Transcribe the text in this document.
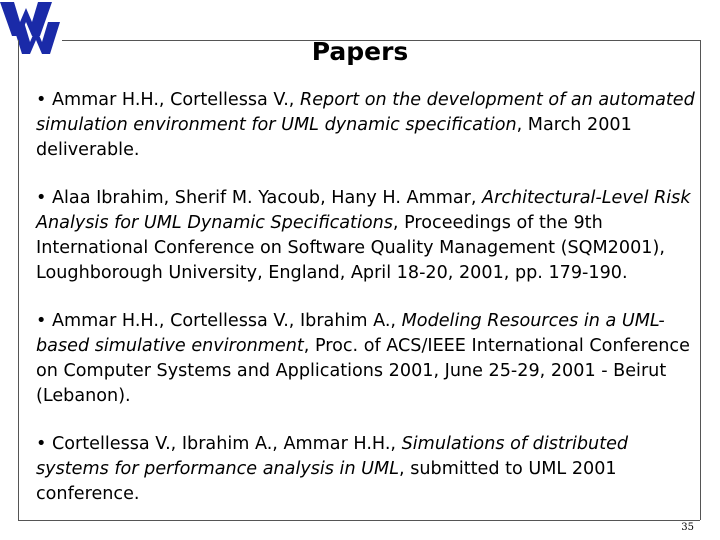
Papers

• Ammar H.H., Cortellessa V., Report on the development of an automated simulation environment for UML dynamic specification, March 2001 deliverable.

• Alaa Ibrahim, Sherif M. Yacoub, Hany H. Ammar, Architectural-Level Risk Analysis for UML Dynamic Specifications, Proceedings of the 9th International Conference on Software Quality Management (SQM2001), Loughborough University, England, April 18-20, 2001, pp. 179-190.

• Ammar H.H., Cortellessa V., Ibrahim A., Modeling Resources in a UML-based simulative environment, Proc. of ACS/IEEE International Conference on Computer Systems and Applications 2001, June 25-29, 2001 - Beirut (Lebanon).

• Cortellessa V., Ibrahim A., Ammar H.H., Simulations of distributed systems for performance analysis in UML, submitted to UML 2001 conference.

35
